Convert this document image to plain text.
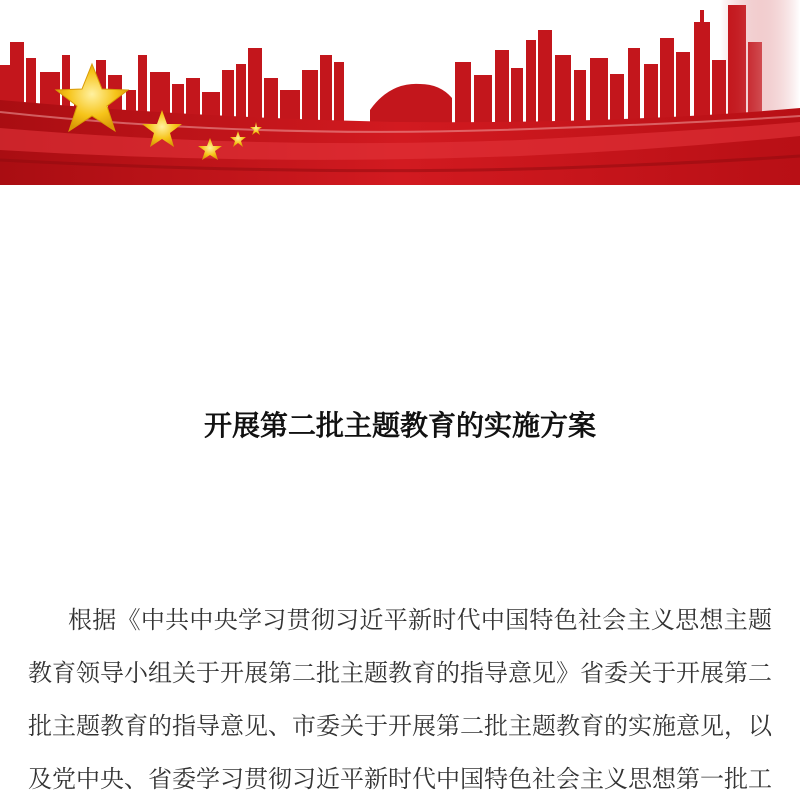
开展第二批主题教育的实施方案

根据《中共中央学习贯彻习近平新时代中国特色社会主义思想主题教育领导小组关于开展第二批主题教育的指导意见》省委关于开展第二批主题教育的指导意见、市委关于开展第二批主题教育的实施意见，以及党中央、省委学习贯彻习近平新时代中国特色社会主义思想第一批工
